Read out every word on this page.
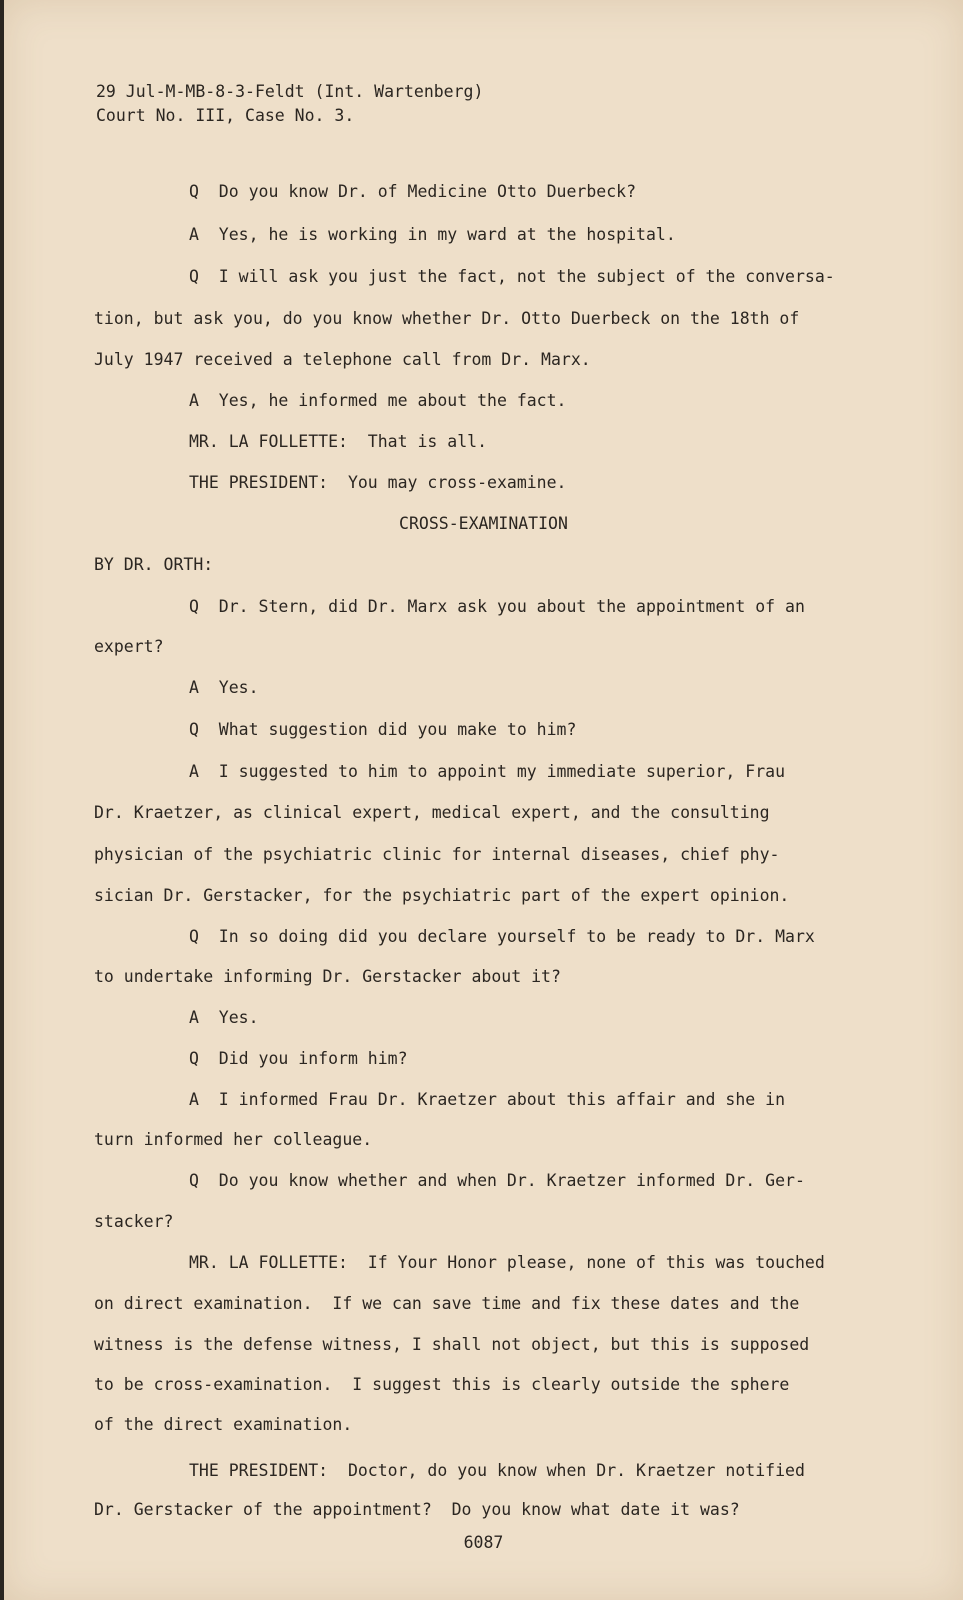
29 Jul-M-MB-8-3-Feldt (Int. Wartenberg)
Court No. III, Case No. 3.
Q  Do you know Dr. of Medicine Otto Duerbeck?
A  Yes, he is working in my ward at the hospital.
Q  I will ask you just the fact, not the subject of the conversa-
tion, but ask you, do you know whether Dr. Otto Duerbeck on the 18th of
July 1947 received a telephone call from Dr. Marx.
A  Yes, he informed me about the fact.
MR. LA FOLLETTE:  That is all.
THE PRESIDENT:  You may cross-examine.
CROSS-EXAMINATION
BY DR. ORTH:
Q  Dr. Stern, did Dr. Marx ask you about the appointment of an
expert?
A  Yes.
Q  What suggestion did you make to him?
A  I suggested to him to appoint my immediate superior, Frau
Dr. Kraetzer, as clinical expert, medical expert, and the consulting
physician of the psychiatric clinic for internal diseases, chief phy-
sician Dr. Gerstacker, for the psychiatric part of the expert opinion.
Q  In so doing did you declare yourself to be ready to Dr. Marx
to undertake informing Dr. Gerstacker about it?
A  Yes.
Q  Did you inform him?
A  I informed Frau Dr. Kraetzer about this affair and she in
turn informed her colleague.
Q  Do you know whether and when Dr. Kraetzer informed Dr. Ger-
stacker?
MR. LA FOLLETTE:  If Your Honor please, none of this was touched
on direct examination.  If we can save time and fix these dates and the
witness is the defense witness, I shall not object, but this is supposed
to be cross-examination.  I suggest this is clearly outside the sphere
of the direct examination.
THE PRESIDENT:  Doctor, do you know when Dr. Kraetzer notified
Dr. Gerstacker of the appointment?  Do you know what date it was?
6087
